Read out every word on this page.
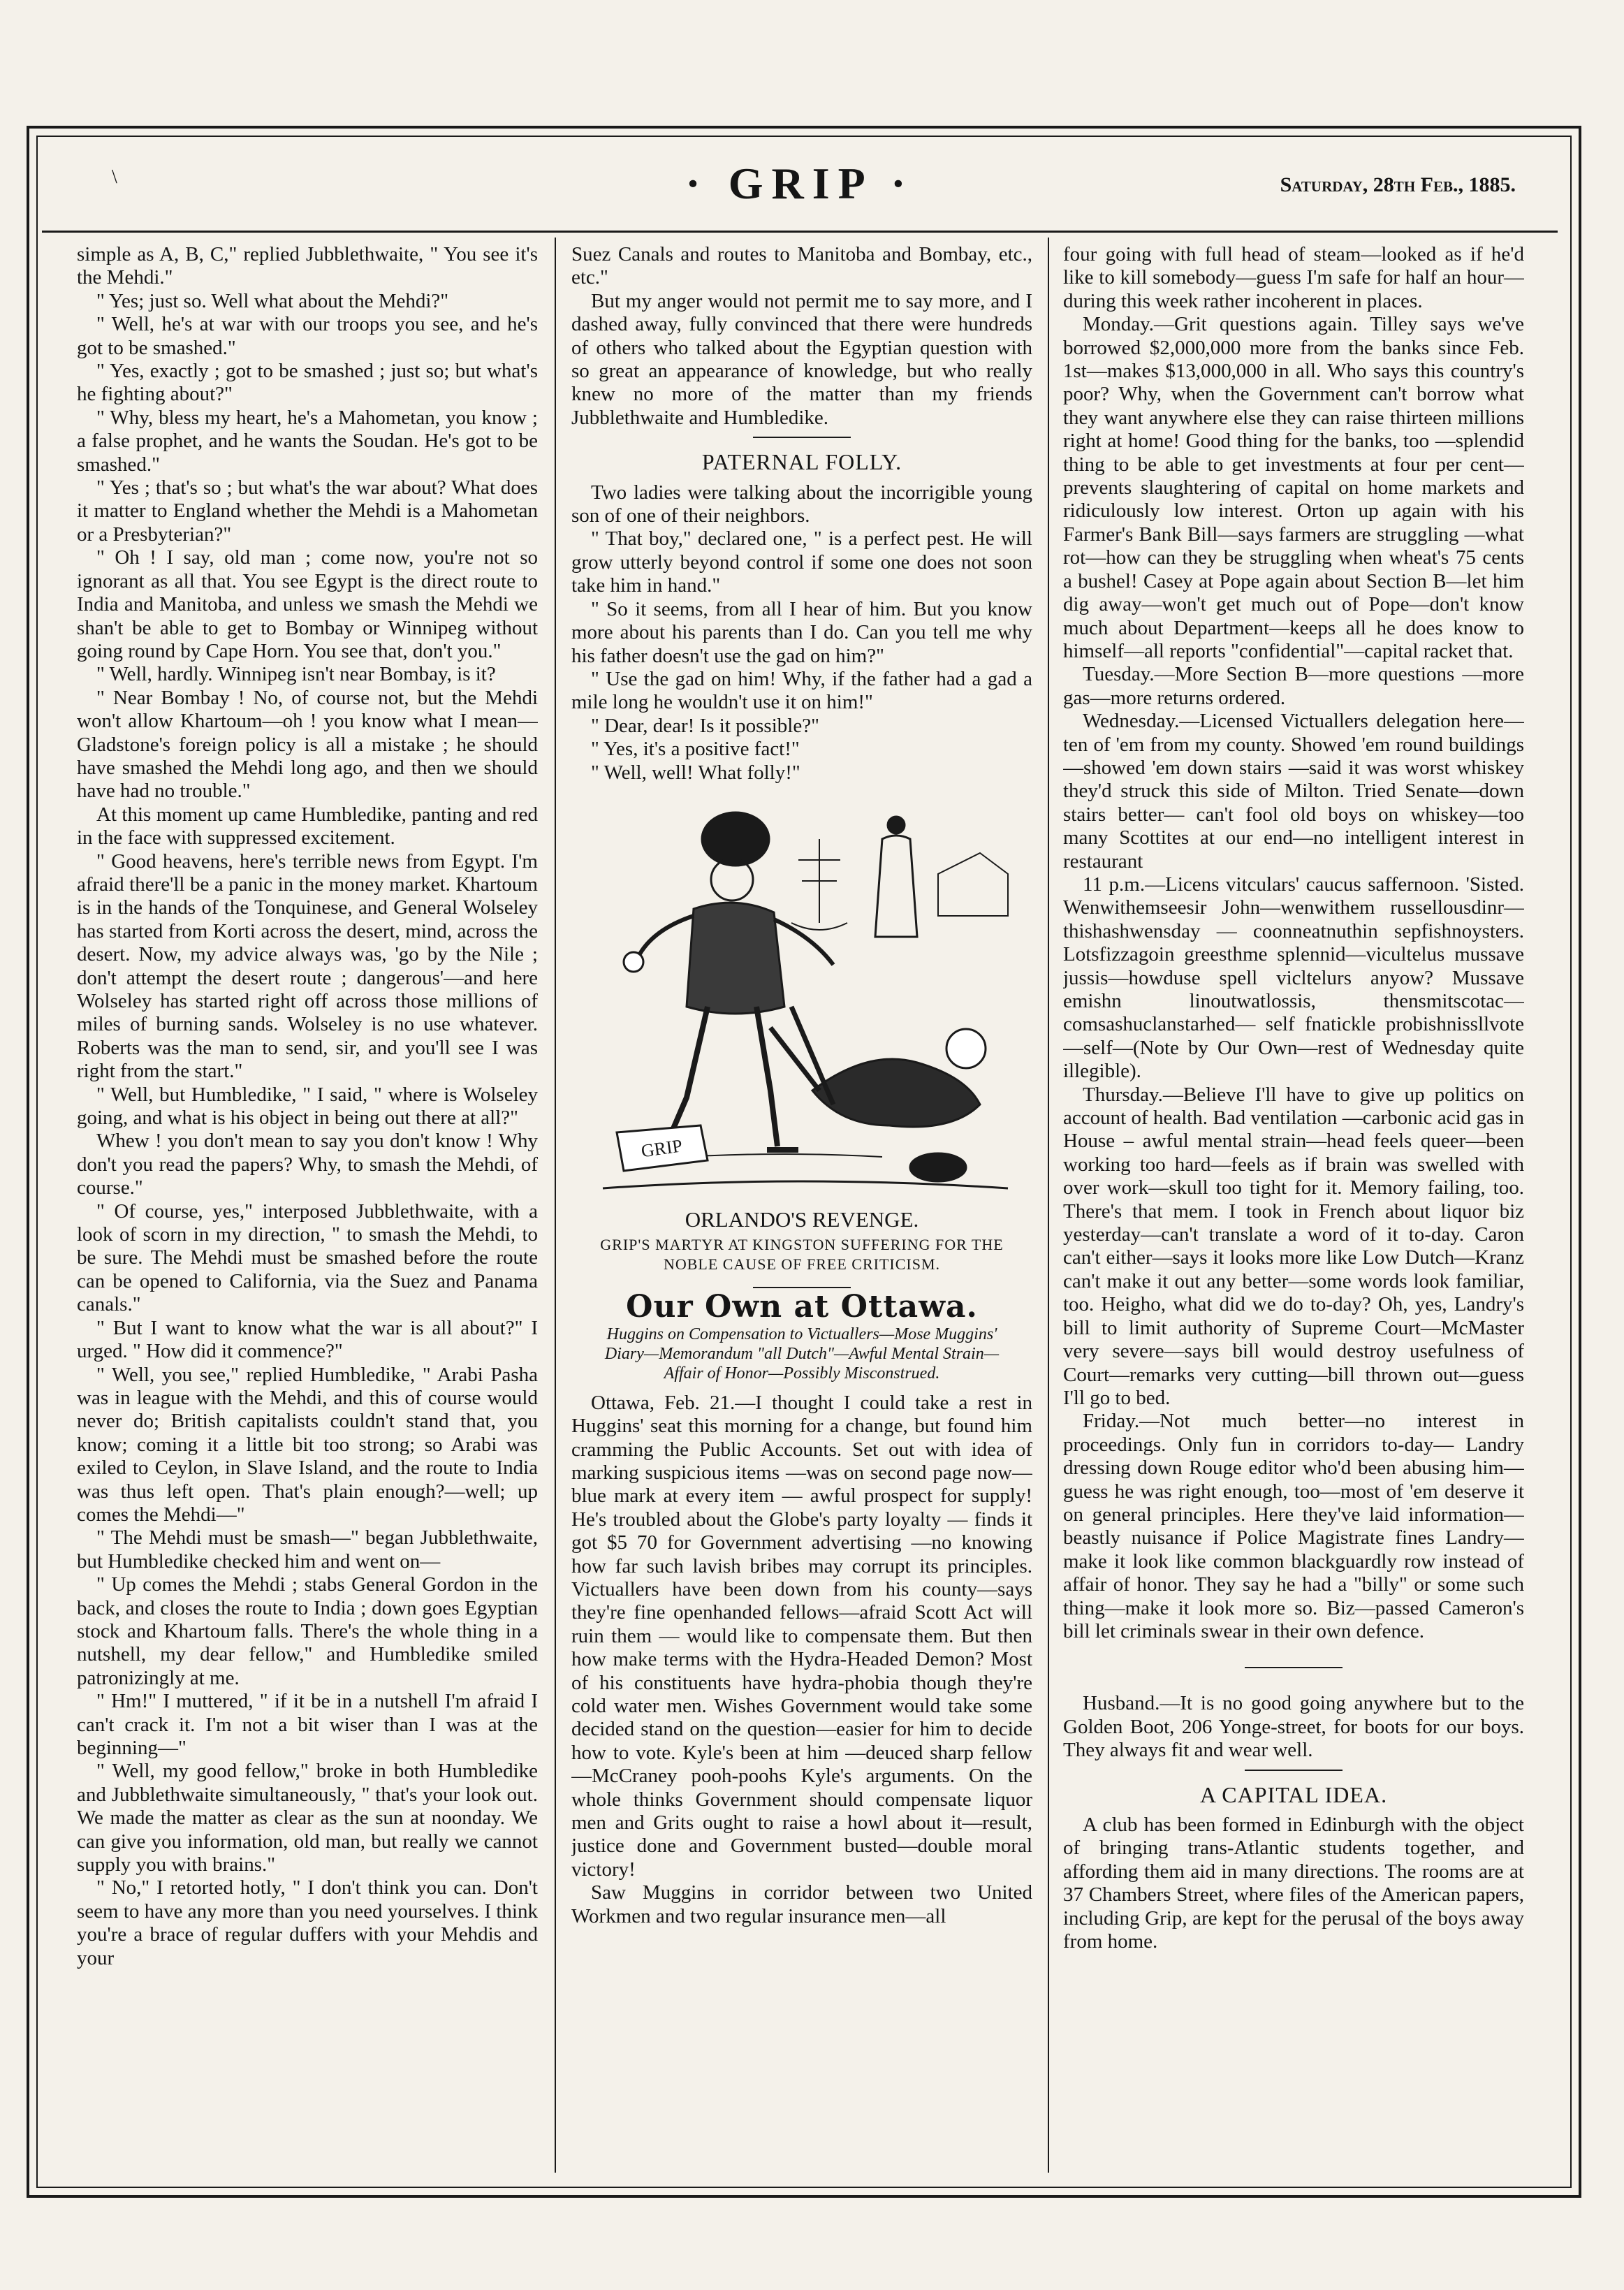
\	· GRIP ·	Saturday, 28th Feb., 1885.

simple as A, B, C," replied Jubblethwaite, " You see it's the Mehdi."

" Yes; just so. Well what about the Mehdi?"

" Well, he's at war with our troops you see, and he's got to be smashed."

" Yes, exactly ; got to be smashed ; just so; but what's he fighting about?"

" Why, bless my heart, he's a Mahometan, you know ; a false prophet, and he wants the Soudan. He's got to be smashed."

" Yes ; that's so ; but what's the war about? What does it matter to England whether the Mehdi is a Mahometan or a Presbyterian?"

" Oh ! I say, old man ; come now, you're not so ignorant as all that. You see Egypt is the direct route to India and Manitoba, and unless we smash the Mehdi we shan't be able to get to Bombay or Winnipeg without going round by Cape Horn. You see that, don't you."

" Well, hardly. Winnipeg isn't near Bombay, is it?

" Near Bombay ! No, of course not, but the Mehdi won't allow Khartoum—oh ! you know what I mean—Gladstone's foreign policy is all a mistake ; he should have smashed the Mehdi long ago, and then we should have had no trouble."

At this moment up came Humbledike, panting and red in the face with suppressed excitement.

" Good heavens, here's terrible news from Egypt. I'm afraid there'll be a panic in the money market. Khartoum is in the hands of the Tonquinese, and General Wolseley has started from Korti across the desert, mind, across the desert. Now, my advice always was, 'go by the Nile ; don't attempt the desert route ; dangerous'—and here Wolseley has started right off across those millions of miles of burning sands. Wolseley is no use whatever. Roberts was the man to send, sir, and you'll see I was right from the start."

" Well, but Humbledike, " I said, " where is Wolseley going, and what is his object in being out there at all?"

Whew ! you don't mean to say you don't know ! Why don't you read the papers? Why, to smash the Mehdi, of course."

" Of course, yes," interposed Jubblethwaite, with a look of scorn in my direction, " to smash the Mehdi, to be sure. The Mehdi must be smashed before the route can be opened to California, via the Suez and Panama canals."

" But I want to know what the war is all about?" I urged. " How did it commence?"

" Well, you see," replied Humbledike, " Arabi Pasha was in league with the Mehdi, and this of course would never do; British capitalists couldn't stand that, you know; coming it a little bit too strong; so Arabi was exiled to Ceylon, in Slave Island, and the route to India was thus left open. That's plain enough?—well; up comes the Mehdi—"

" The Mehdi must be smash—" began Jubblethwaite, but Humbledike checked him and went on—

" Up comes the Mehdi ; stabs General Gordon in the back, and closes the route to India ; down goes Egyptian stock and Khartoum falls. There's the whole thing in a nutshell, my dear fellow," and Humbledike smiled patronizingly at me.

" Hm!" I muttered, " if it be in a nutshell I'm afraid I can't crack it. I'm not a bit wiser than I was at the beginning—"

" Well, my good fellow," broke in both Humbledike and Jubblethwaite simultaneously, " that's your look out. We made the matter as clear as the sun at noonday. We can give you information, old man, but really we cannot supply you with brains."

" No," I retorted hotly, " I don't think you can. Don't seem to have any more than you need yourselves. I think you're a brace of regular duffers with your Mehdis and your

Suez Canals and routes to Manitoba and Bombay, etc., etc."

But my anger would not permit me to say more, and I dashed away, fully convinced that there were hundreds of others who talked about the Egyptian question with so great an appearance of knowledge, but who really knew no more of the matter than my friends Jubblethwaite and Humbledike.

PATERNAL FOLLY.

Two ladies were talking about the incorrigible young son of one of their neighbors.

" That boy," declared one, " is a perfect pest. He will grow utterly beyond control if some one does not soon take him in hand."

" So it seems, from all I hear of him. But you know more about his parents than I do. Can you tell me why his father doesn't use the gad on him?"

" Use the gad on him! Why, if the father had a gad a mile long he wouldn't use it on him!"

" Dear, dear! Is it possible?"

" Yes, it's a positive fact!"

" Well, well! What folly!"

GRIP
ORLANDO'S REVENGE.
GRIP'S MARTYR AT KINGSTON SUFFERING FOR THE NOBLE CAUSE OF FREE CRITICISM.
Our Own at Ottawa.
Huggins on Compensation to Victuallers—Mose Muggins' Diary—Memorandum "all Dutch"—Awful Mental Strain—Affair of Honor—Possibly Misconstrued.

Ottawa, Feb. 21.—I thought I could take a rest in Huggins' seat this morning for a change, but found him cramming the Public Accounts. Set out with idea of marking suspicious items —was on second page now—blue mark at every item — awful prospect for supply! He's troubled about the Globe's party loyalty — finds it got $5 70 for Government advertising —no knowing how far such lavish bribes may corrupt its principles. Victuallers have been down from his county—says they're fine openhanded fellows—afraid Scott Act will ruin them — would like to compensate them. But then how make terms with the Hydra-Headed Demon? Most of his constituents have hydra-phobia though they're cold water men. Wishes Government would take some decided stand on the question—easier for him to decide how to vote. Kyle's been at him —deuced sharp fellow—McCraney pooh-poohs Kyle's arguments. On the whole thinks Government should compensate liquor men and Grits ought to raise a howl about it—result, justice done and Government busted—double moral victory!

Saw Muggins in corridor between two United Workmen and two regular insurance men—all

four going with full head of steam—looked as if he'd like to kill somebody—guess I'm safe for half an hour—during this week rather incoherent in places.

Monday.—Grit questions again. Tilley says we've borrowed $2,000,000 more from the banks since Feb. 1st—makes $13,000,000 in all. Who says this country's poor? Why, when the Government can't borrow what they want anywhere else they can raise thirteen millions right at home! Good thing for the banks, too —splendid thing to be able to get investments at four per cent—prevents slaughtering of capital on home markets and ridiculously low interest. Orton up again with his Farmer's Bank Bill—says farmers are struggling —what rot—how can they be struggling when wheat's 75 cents a bushel! Casey at Pope again about Section B—let him dig away—won't get much out of Pope—don't know much about Department—keeps all he does know to himself—all reports "confidential"—capital racket that.

Tuesday.—More Section B—more questions —more gas—more returns ordered.

Wednesday.—Licensed Victuallers delegation here—ten of 'em from my county. Showed 'em round buildings—showed 'em down stairs —said it was worst whiskey they'd struck this side of Milton. Tried Senate—down stairs better— can't fool old boys on whiskey—too many Scottites at our end—no intelligent interest in restaurant

11 p.m.—Licens vitculars' caucus saffernoon. 'Sisted. Wenwithemseesir John—wenwithem russellousdinr— thishashwensday — coonneatnuthin sepfishnoysters. Lotsfizzagoin greesthme splennid—vicultelus mussave jussis—howduse spell vicltelurs anyow? Mussave emishn linoutwatlossis, thensmitscotac—comsashuclanstarhed— self fnatickle probishnissllvote—self—(Note by Our Own—rest of Wednesday quite illegible).

Thursday.—Believe I'll have to give up politics on account of health. Bad ventilation —carbonic acid gas in House – awful mental strain—head feels queer—been working too hard—feels as if brain was swelled with over work—skull too tight for it. Memory failing, too. There's that mem. I took in French about liquor biz yesterday—can't translate a word of it to-day. Caron can't either—says it looks more like Low Dutch—Kranz can't make it out any better—some words look familiar, too. Heigho, what did we do to-day? Oh, yes, Landry's bill to limit authority of Supreme Court—McMaster very severe—says bill would destroy usefulness of Court—remarks very cutting—bill thrown out—guess I'll go to bed.

Friday.—Not much better—no interest in proceedings. Only fun in corridors to-day— Landry dressing down Rouge editor who'd been abusing him—guess he was right enough, too—most of 'em deserve it on general principles. Here they've laid information—beastly nuisance if Police Magistrate fines Landry— make it look like common blackguardly row instead of affair of honor. They say he had a "billy" or some such thing—make it look more so. Biz—passed Cameron's bill let criminals swear in their own defence.

Husband.—It is no good going anywhere but to the Golden Boot, 206 Yonge-street, for boots for our boys. They always fit and wear well.

A CAPITAL IDEA.

A club has been formed in Edinburgh with the object of bringing trans-Atlantic students together, and affording them aid in many directions. The rooms are at 37 Chambers Street, where files of the American papers, including Grip, are kept for the perusal of the boys away from home.
